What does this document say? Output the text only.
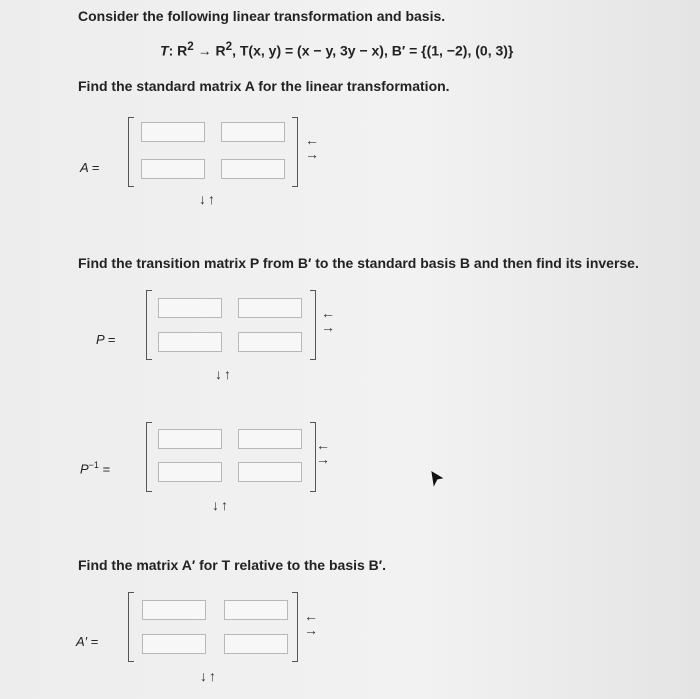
Consider the following linear transformation and basis.
T: $R^2 \to R^2$, T(x, y) = (x − y, 3y − x), B′ = {(1, −2), (0, 3)}
Find the standard matrix A for the linear transformation.
A =
←
→
↓↑
Find the transition matrix P from B′ to the standard basis B and then find its inverse.
P =
←
→
↓↑
$P^{-1}$ =
←
→
↓↑
Find the matrix A′ for T relative to the basis B′.
A′ =
←
→
↓↑
